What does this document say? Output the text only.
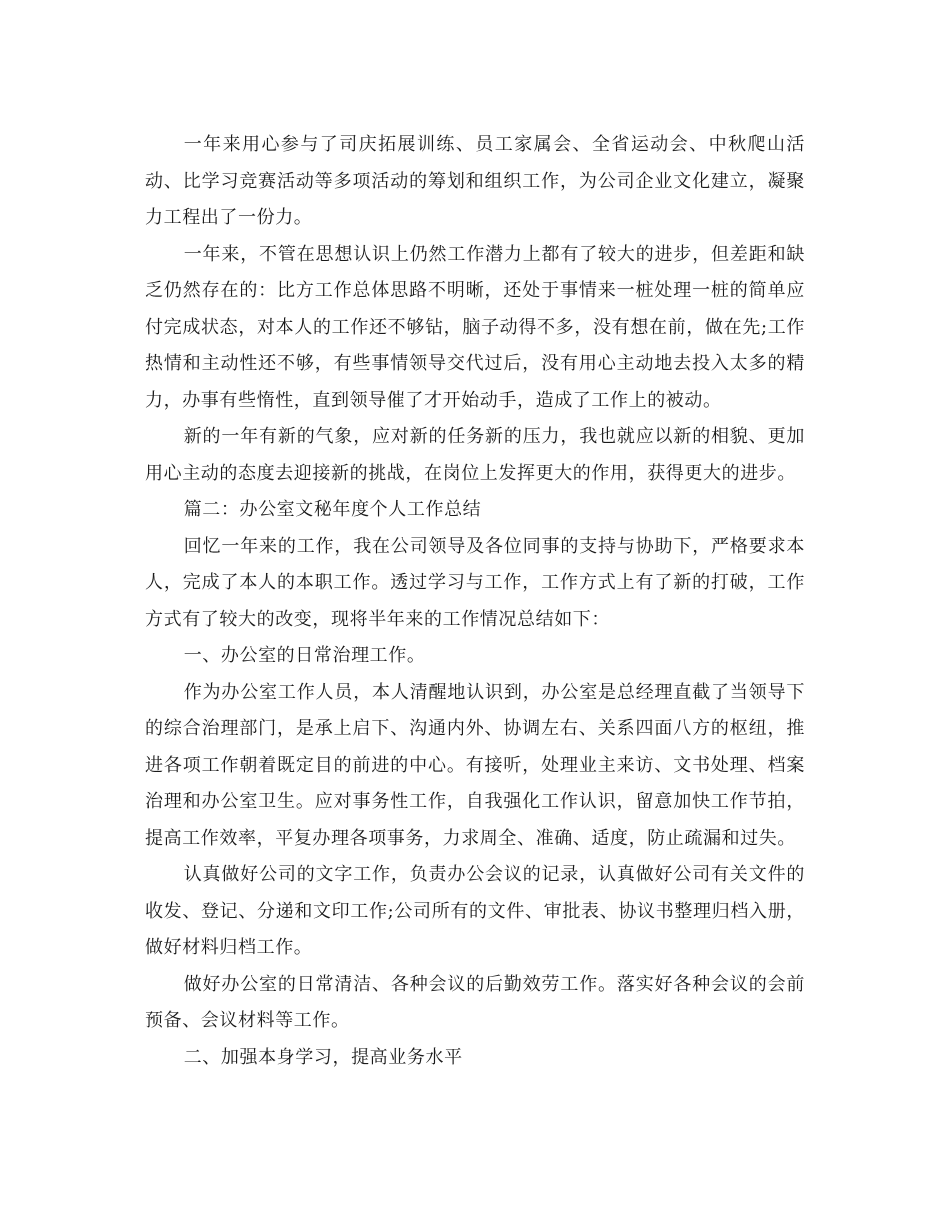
一年来用心参与了司庆拓展训练、员工家属会、全省运动会、中秋爬山活动、比学习竞赛活动等多项活动的筹划和组织工作，为公司企业文化建立，凝聚力工程出了一份力。

一年来，不管在思想认识上仍然工作潜力上都有了较大的进步，但差距和缺乏仍然存在的：比方工作总体思路不明晰，还处于事情来一桩处理一桩的简单应付完成状态，对本人的工作还不够钻，脑子动得不多，没有想在前，做在先;工作热情和主动性还不够，有些事情领导交代过后，没有用心主动地去投入太多的精力，办事有些惰性，直到领导催了才开始动手，造成了工作上的被动。

新的一年有新的气象，应对新的任务新的压力，我也就应以新的相貌、更加用心主动的态度去迎接新的挑战，在岗位上发挥更大的作用，获得更大的进步。

篇二：办公室文秘年度个人工作总结

回忆一年来的工作，我在公司领导及各位同事的支持与协助下，严格要求本人，完成了本人的本职工作。透过学习与工作，工作方式上有了新的打破，工作方式有了较大的改变，现将半年来的工作情况总结如下：

一、办公室的日常治理工作。

作为办公室工作人员，本人清醒地认识到，办公室是总经理直截了当领导下的综合治理部门，是承上启下、沟通内外、协调左右、关系四面八方的枢纽，推进各项工作朝着既定目的前进的中心。有接听，处理业主来访、文书处理、档案治理和办公室卫生。应对事务性工作，自我强化工作认识，留意加快工作节拍，提高工作效率，平复办理各项事务，力求周全、准确、适度，防止疏漏和过失。

认真做好公司的文字工作，负责办公会议的记录，认真做好公司有关文件的收发、登记、分递和文印工作;公司所有的文件、审批表、协议书整理归档入册，做好材料归档工作。

做好办公室的日常清洁、各种会议的后勤效劳工作。落实好各种会议的会前预备、会议材料等工作。

二、加强本身学习，提高业务水平
